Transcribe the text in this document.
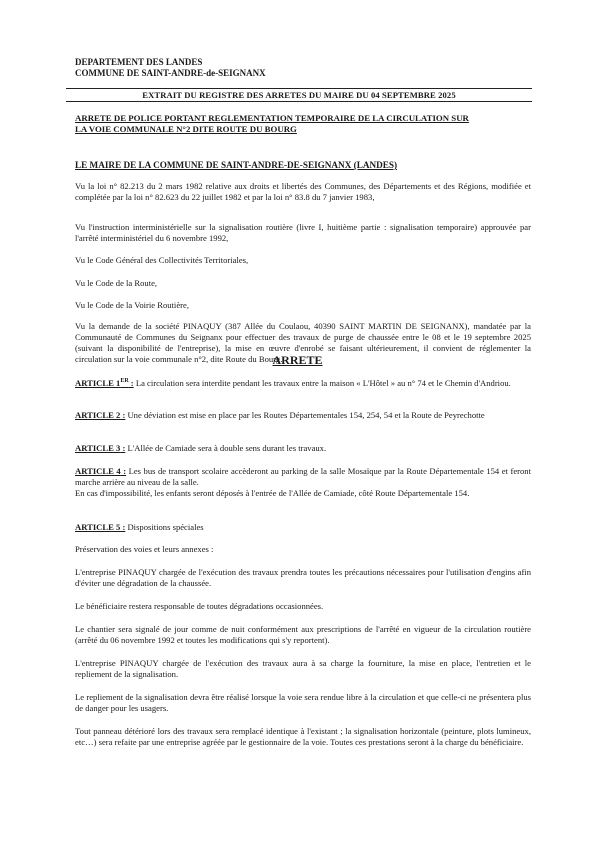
DEPARTEMENT DES LANDES
COMMUNE DE SAINT-ANDRE-de-SEIGNANX
EXTRAIT DU REGISTRE DES ARRETES DU MAIRE DU 04 SEPTEMBRE 2025
ARRETE DE POLICE PORTANT REGLEMENTATION TEMPORAIRE DE LA CIRCULATION SUR
LA VOIE COMMUNALE N°2 DITE ROUTE DU BOURG
LE MAIRE DE LA COMMUNE DE SAINT-ANDRE-DE-SEIGNANX (LANDES)
Vu la loi n° 82.213 du 2 mars 1982 relative aux droits et libertés des Communes, des Départements et des Régions, modifiée et complétée par la loi n° 82.623 du 22 juillet 1982 et par la loi n° 83.8 du 7 janvier 1983,
Vu l'instruction interministérielle sur la signalisation routière (livre I, huitième partie : signalisation temporaire) approuvée par l'arrêté interministériel du 6 novembre 1992,
Vu le Code Général des Collectivités Territoriales,
Vu le Code de la Route,
Vu le Code de la Voirie Routière,
Vu la demande de la société PINAQUY (387 Allée du Coulaou, 40390 SAINT MARTIN DE SEIGNANX), mandatée par la Communauté de Communes du Seignanx pour effectuer des travaux de purge de chaussée entre le 08 et le 19 septembre 2025 (suivant la disponibilité de l'entreprise), la mise en œuvre d'enrobé se faisant ultérieurement, il convient de réglementer la circulation sur la voie communale n°2, dite Route du Bourg.
ARRETE
ARTICLE 1ER : La circulation sera interdite pendant les travaux entre la maison « L'Hôtel » au n° 74 et le Chemin d'Andriou.
ARTICLE 2 : Une déviation est mise en place par les Routes Départementales 154, 254, 54 et la Route de Peyrechotte
ARTICLE 3 : L'Allée de Camiade sera à double sens durant les travaux.
ARTICLE 4 : Les bus de transport scolaire accèderont au parking de la salle Mosaïque par la Route Départementale 154 et feront marche arrière au niveau de la salle.
En cas d'impossibilité, les enfants seront déposés à l'entrée de l'Allée de Camiade, côté Route Départementale 154.
ARTICLE 5 : Dispositions spéciales
Préservation des voies et leurs annexes :
L'entreprise PINAQUY chargée de l'exécution des travaux prendra toutes les précautions nécessaires pour l'utilisation d'engins afin d'éviter une dégradation de la chaussée.
Le bénéficiaire restera responsable de toutes dégradations occasionnées.
Le chantier sera signalé de jour comme de nuit conformément aux prescriptions de l'arrêté en vigueur de la circulation routière (arrêté du 06 novembre 1992 et toutes les modifications qui s'y reportent).
L'entreprise PINAQUY chargée de l'exécution des travaux aura à sa charge la fourniture, la mise en place, l'entretien et le repliement de la signalisation.
Le repliement de la signalisation devra être réalisé lorsque la voie sera rendue libre à la circulation et que celle-ci ne présentera plus de danger pour les usagers.
Tout panneau détérioré lors des travaux sera remplacé identique à l'existant ; la signalisation horizontale (peinture, plots lumineux, etc…) sera refaite par une entreprise agréée par le gestionnaire de la voie. Toutes ces prestations seront à la charge du bénéficiaire.
